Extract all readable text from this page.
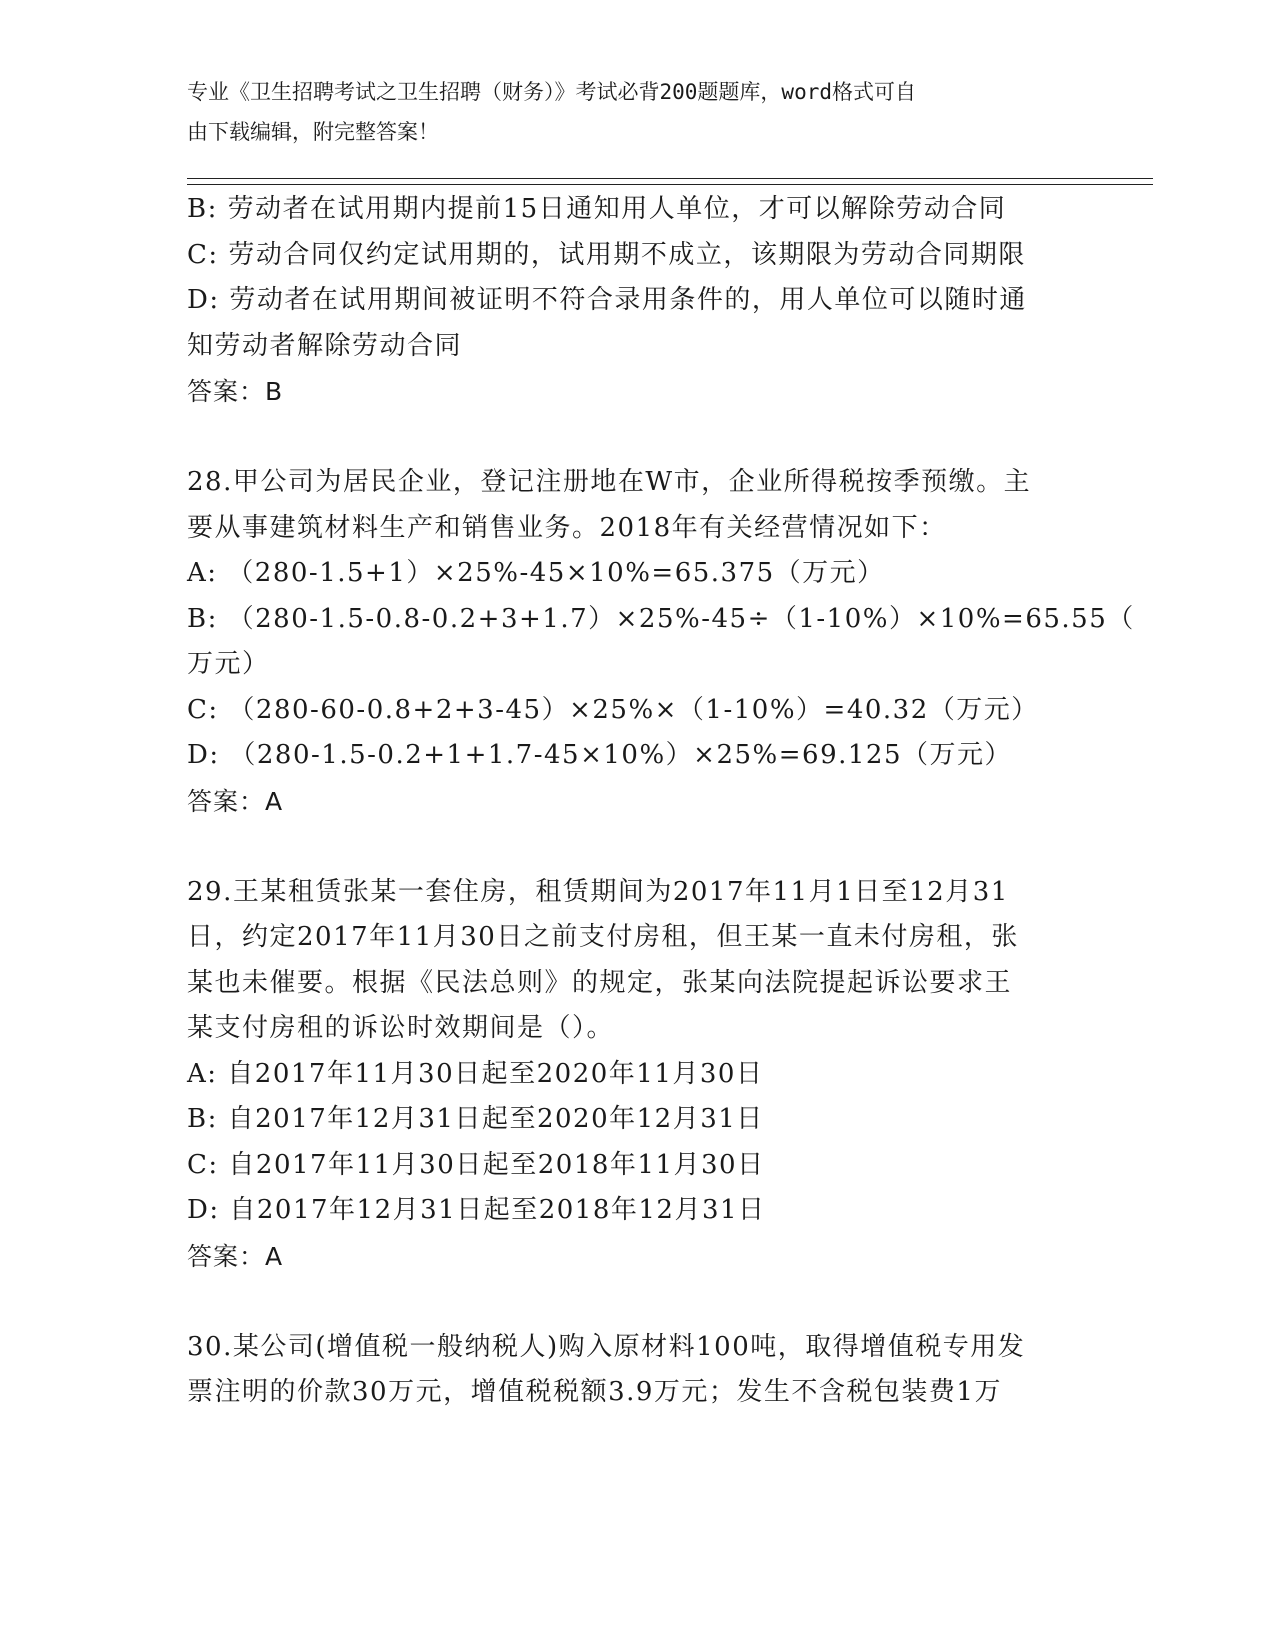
专业《卫生招聘考试之卫生招聘（财务）》考试必背200题题库，word格式可自
由下载编辑，附完整答案！
B: 劳动者在试用期内提前15日通知用人单位，才可以解除劳动合同
C: 劳动合同仅约定试用期的，试用期不成立，该期限为劳动合同期限
D: 劳动者在试用期间被证明不符合录用条件的，用人单位可以随时通
知劳动者解除劳动合同
答案：B
28.甲公司为居民企业，登记注册地在W市，企业所得税按季预缴。主
要从事建筑材料生产和销售业务。2018年有关经营情况如下：
A: （280-1.5+1）×25%-45×10%=65.375（万元）
B: （280-1.5-0.8-0.2+3+1.7）×25%-45÷（1-10%）×10%=65.55（
万元）
C: （280-60-0.8+2+3-45）×25%×（1-10%）=40.32（万元）
D: （280-1.5-0.2+1+1.7-45×10%）×25%=69.125（万元）
答案：A
29.王某租赁张某一套住房，租赁期间为2017年11月1日至12月31
日，约定2017年11月30日之前支付房租，但王某一直未付房租，张
某也未催要。根据《民法总则》的规定，张某向法院提起诉讼要求王
某支付房租的诉讼时效期间是（）。
A: 自2017年11月30日起至2020年11月30日
B: 自2017年12月31日起至2020年12月31日
C: 自2017年11月30日起至2018年11月30日
D: 自2017年12月31日起至2018年12月31日
答案：A
30.某公司(增值税一般纳税人)购入原材料100吨，取得增值税专用发
票注明的价款30万元，增值税税额3.9万元；发生不含税包装费1万
